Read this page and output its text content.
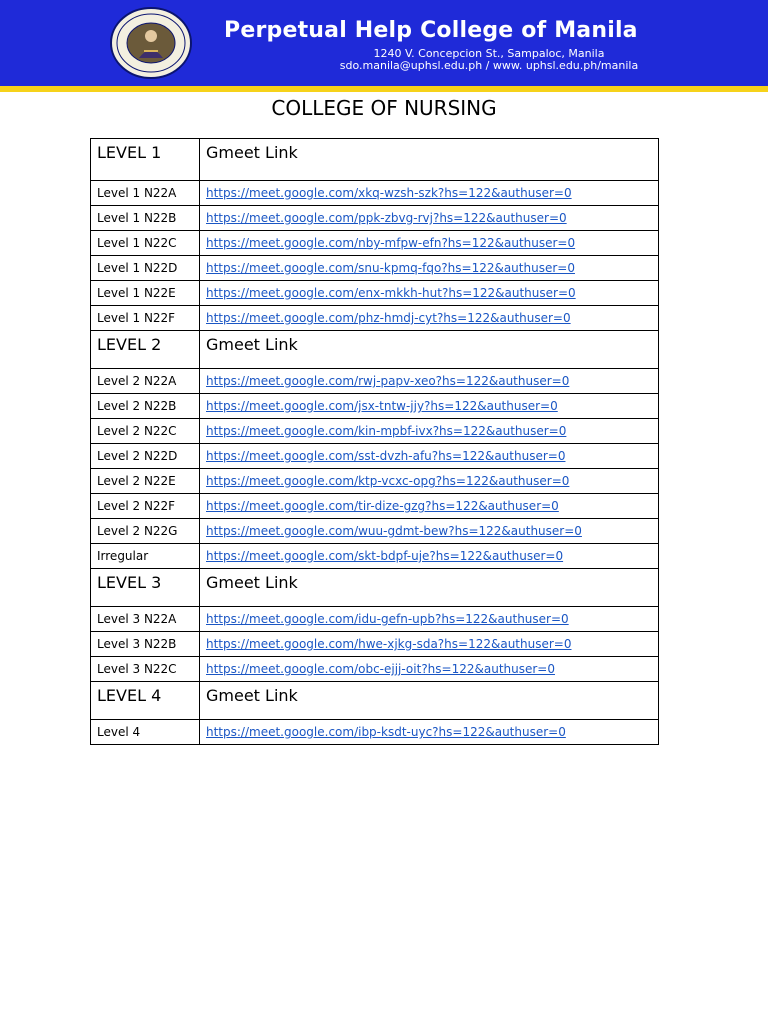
Perpetual Help College of Manila
1240 V. Concepcion St., Sampaloc, Manila
sdo.manila@uphsl.edu.ph / www. uphsl.edu.ph/manila
COLLEGE OF NURSING
LEVEL 1	Gmeet Link
Level 1 N22A	https://meet.google.com/xkq-wzsh-szk?hs=122&authuser=0
Level 1 N22B	https://meet.google.com/ppk-zbvg-rvj?hs=122&authuser=0
Level 1 N22C	https://meet.google.com/nby-mfpw-efn?hs=122&authuser=0
Level 1 N22D	https://meet.google.com/snu-kpmq-fqo?hs=122&authuser=0
Level 1 N22E	https://meet.google.com/enx-mkkh-hut?hs=122&authuser=0
Level 1 N22F	https://meet.google.com/phz-hmdj-cyt?hs=122&authuser=0
LEVEL 2	Gmeet Link
Level 2 N22A	https://meet.google.com/rwj-papv-xeo?hs=122&authuser=0
Level 2 N22B	https://meet.google.com/jsx-tntw-jjy?hs=122&authuser=0
Level 2 N22C	https://meet.google.com/kin-mpbf-ivx?hs=122&authuser=0
Level 2 N22D	https://meet.google.com/sst-dvzh-afu?hs=122&authuser=0
Level 2 N22E	https://meet.google.com/ktp-vcxc-opg?hs=122&authuser=0
Level 2 N22F	https://meet.google.com/tir-dize-gzg?hs=122&authuser=0
Level 2 N22G	https://meet.google.com/wuu-gdmt-bew?hs=122&authuser=0
Irregular	https://meet.google.com/skt-bdpf-uje?hs=122&authuser=0
LEVEL 3	Gmeet Link
Level 3 N22A	https://meet.google.com/idu-gefn-upb?hs=122&authuser=0
Level 3 N22B	https://meet.google.com/hwe-xjkg-sda?hs=122&authuser=0
Level 3 N22C	https://meet.google.com/obc-ejjj-oit?hs=122&authuser=0
LEVEL 4	Gmeet Link
Level 4	https://meet.google.com/ibp-ksdt-uyc?hs=122&authuser=0
